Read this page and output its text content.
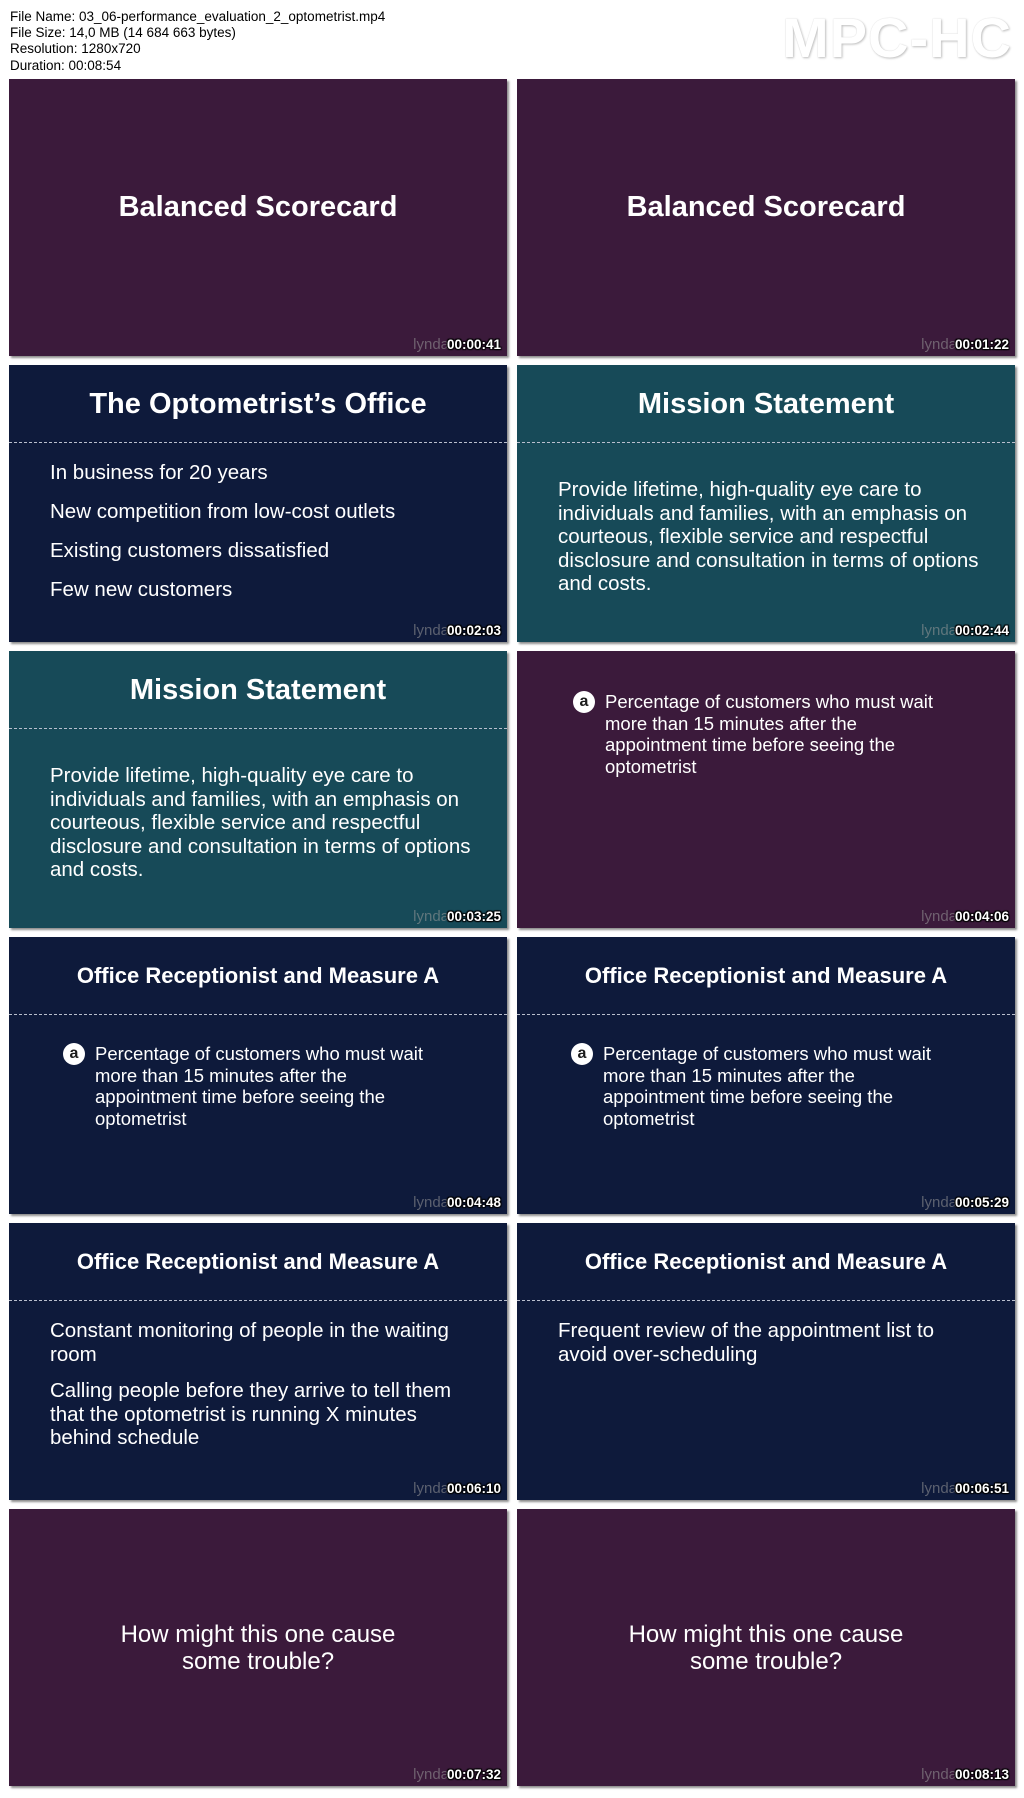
File Name: 03_06-performance_evaluation_2_optometrist.mp4
File Size: 14,0 MB (14 684 663 bytes)
Resolution: 1280x720
Duration: 00:08:54	MPC-HC
Balanced Scorecard
lynda
00:00:41
Balanced Scorecard
lynda
00:01:22
The Optometrist’s Office
In business for 20 years
New competition from low-cost outlets
Existing customers dissatisfied
Few new customers
lynda
00:02:03
Mission Statement
Provide lifetime, high-quality eye care to individuals and families, with an emphasis on courteous, flexible service and respectful disclosure and consultation in terms of options and costs.
lynda
00:02:44
Mission Statement
Provide lifetime, high-quality eye care to individuals and families, with an emphasis on courteous, flexible service and respectful disclosure and consultation in terms of options and costs.
lynda
00:03:25
a Percentage of customers who must wait more than 15 minutes after the appointment time before seeing the optometrist
lynda
00:04:06
Office Receptionist and Measure A
a Percentage of customers who must wait more than 15 minutes after the appointment time before seeing the optometrist
lynda
00:04:48
Office Receptionist and Measure A
a Percentage of customers who must wait more than 15 minutes after the appointment time before seeing the optometrist
lynda
00:05:29
Office Receptionist and Measure A

Constant monitoring of people in the waiting room

Calling people before they arrive to tell them that the optometrist is running X minutes behind schedule

lynda
00:06:10
Office Receptionist and Measure A

Frequent review of the appointment list to avoid over-scheduling

lynda
00:06:51
How might this one cause
some trouble?
lynda
00:07:32
How might this one cause
some trouble?
lynda
00:08:13
